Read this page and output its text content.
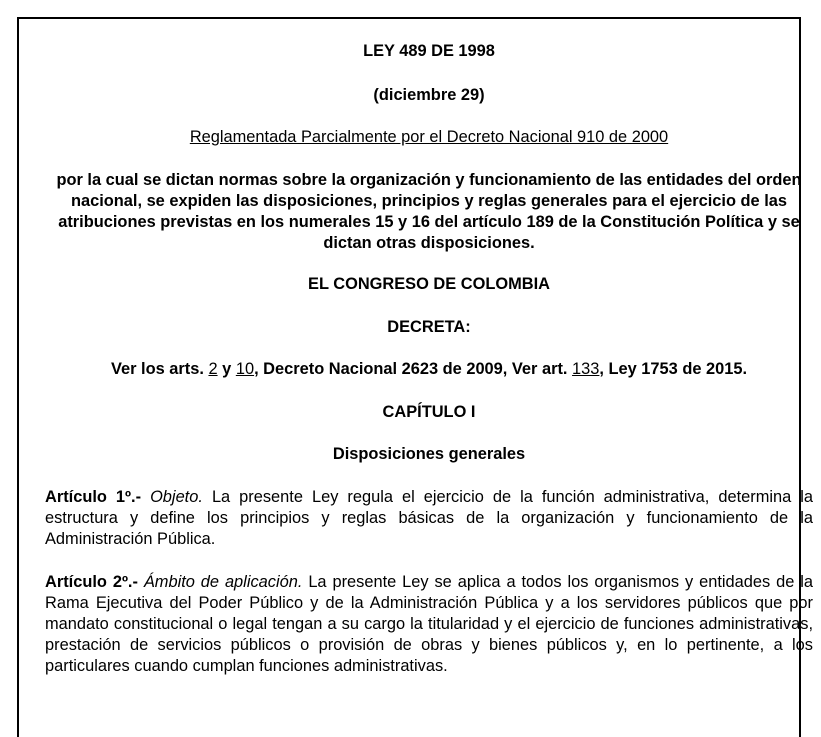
LEY 489 DE 1998

(diciembre 29)

Reglamentada Parcialmente por el Decreto Nacional 910 de 2000

por la cual se dictan normas sobre la organización y funcionamiento de las entidades del orden nacional, se expiden las disposiciones, principios y reglas generales para el ejercicio de las atribuciones previstas en los numerales 15 y 16 del artículo 189 de la Constitución Política y se dictan otras disposiciones.

EL CONGRESO DE COLOMBIA

DECRETA:

Ver los arts. 2 y 10, Decreto Nacional 2623 de 2009, Ver art. 133, Ley 1753 de 2015.

CAPÍTULO I

Disposiciones generales

Artículo 1º.- Objeto. La presente Ley regula el ejercicio de la función administrativa, determina la estructura y define los principios y reglas básicas de la organización y funcionamiento de la Administración Pública.

Artículo 2º.- Ámbito de aplicación. La presente Ley se aplica a todos los organismos y entidades de la Rama Ejecutiva del Poder Público y de la Administración Pública y a los servidores públicos que por mandato constitucional o legal tengan a su cargo la titularidad y el ejercicio de funciones administrativas, prestación de servicios públicos o provisión de obras y bienes públicos y, en lo pertinente, a los particulares cuando cumplan funciones administrativas.
